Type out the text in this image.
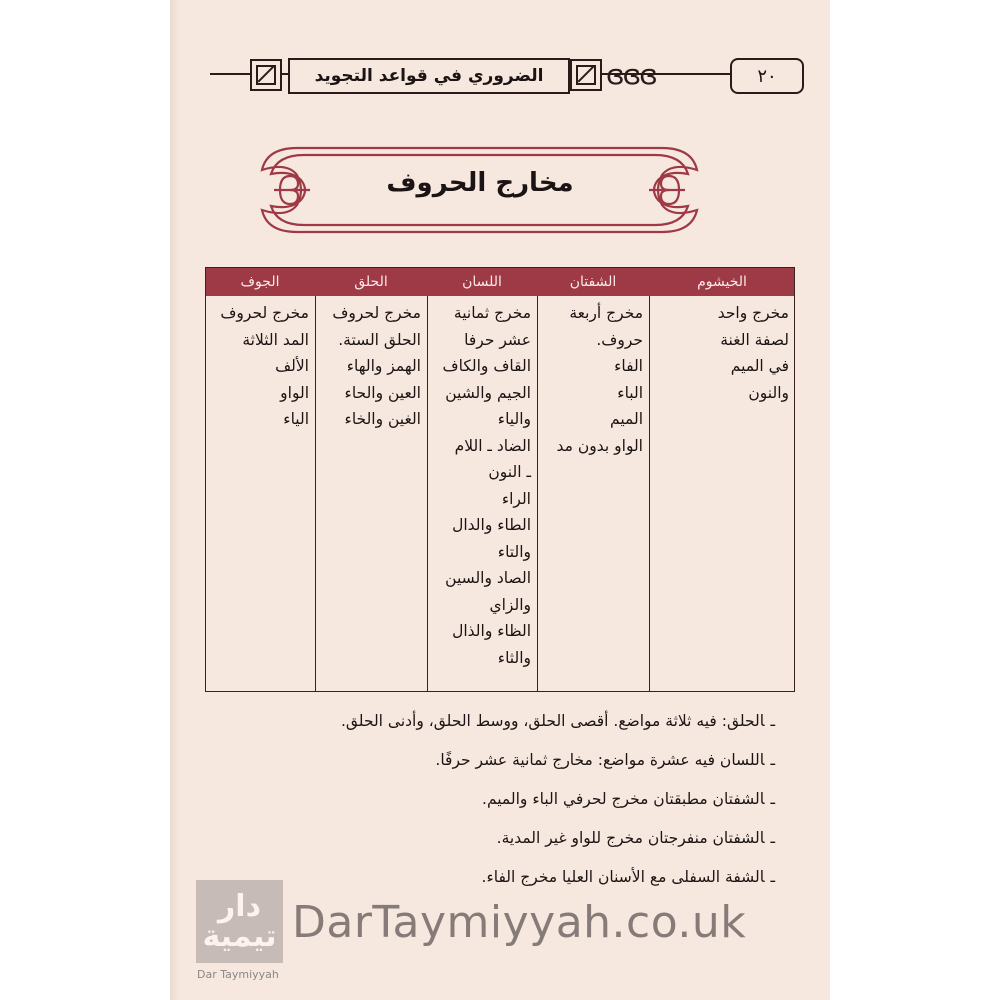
الضروري في قواعد التجويد	ɞɞɞ	٢٠
مخارج الحروف
الجوف
مخرج لحروف
المد الثلاثة
الألف
الواو
الياء
الحلق
مخرج لحروف
الحلق الستة.
الهمز والهاء
العين والحاء
الغين والخاء
اللسان
مخرج ثمانية
عشر حرفا
القاف والكاف
الجيم والشين
والياء
الضاد ـ اللام
ـ النون
الراء
الطاء والدال
والتاء
الصاد والسين
والزاي
الظاء والذال
والثاء
الشفتان
مخرج أربعة
حروف.
الفاء
الباء
الميم
الواو بدون مد
الخيشوم
مخرج واحد
لصفة الغنة
في الميم
والنون
ـالحلق: فيه ثلاثة مواضع. أقصى الحلق، ووسط الحلق، وأدنى الحلق.
ـاللسان فيه عشرة مواضع: مخارج ثمانية عشر حرفًا.
ـالشفتان مطبقتان مخرج لحرفي الباء والميم.
ـالشفتان منفرجتان مخرج للواو غير المدية.
ـالشفة السفلى مع الأسنان العليا مخرج الفاء.
دار تيمية
Dar Taymiyyah
DarTaymiyyah.co.uk
